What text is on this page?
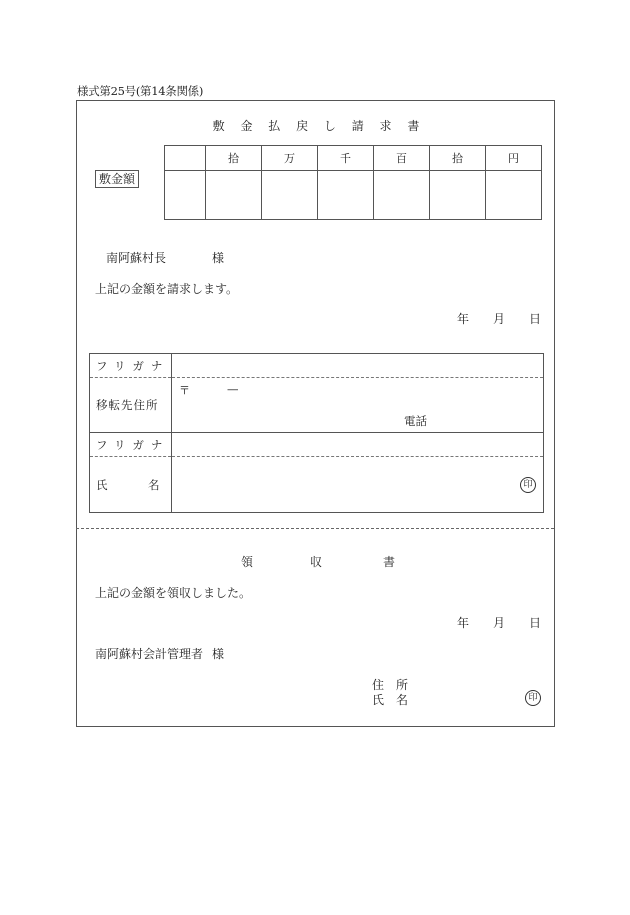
様式第25号(第14条関係)
敷 金 払 戻 し 請 求 書
敷金額
	拾	万	千	百	拾	円

南阿蘇村長	様
上記の金額を請求します。
年 月 日
フリガナ	
移転先住所	〒 —
電話

フリガナ	

氏 名	印
領	収	書
上記の金額を領収しました。
年 月 日
南阿蘇村会計管理者 様
住　所
氏　名	印
